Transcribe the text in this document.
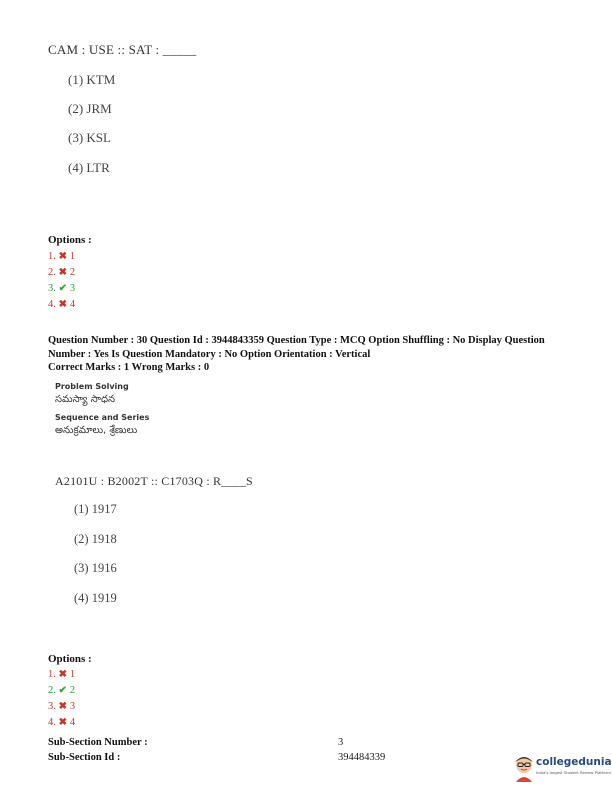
CAM : USE :: SAT : _____
(1) KTM
(2) JRM
(3) KSL
(4) LTR
Options :
1. ✖ 1
2. ✖ 2
3. ✔ 3
4. ✖ 4
Question Number : 30 Question Id : 3944843359 Question Type : MCQ Option Shuffling : No Display Question Number : Yes Is Question Mandatory : No Option Orientation : Vertical
Correct Marks : 1 Wrong Marks : 0
Problem Solving
సమస్యా సాధన
Sequence and Series
అనుక్రమాలు, శ్రేణులు
A2101U : B2002T :: C1703Q : R____S
(1) 1917
(2) 1918
(3) 1916
(4) 1919
Options :
1. ✖ 1
2. ✔ 2
3. ✖ 3
4. ✖ 4
Sub-Section Number :	3
Sub-Section Id :	394484339	collegedunia
India's largest Student Review Platform
